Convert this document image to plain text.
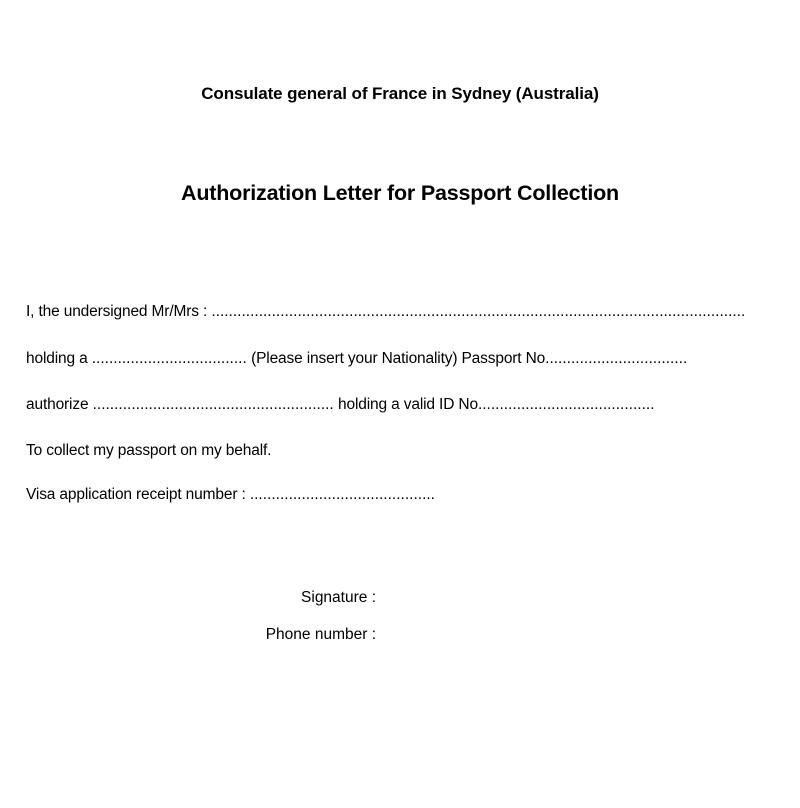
Consulate general of France in Sydney (Australia)
Authorization Letter for Passport Collection
I, the undersigned Mr/Mrs : ............................................................................................................................
holding a .................................... (Please insert your Nationality) Passport No.................................
authorize ........................................................ holding a valid ID No.........................................
To collect my passport on my behalf.
Visa application receipt number : ...........................................
Signature :
Phone number :
